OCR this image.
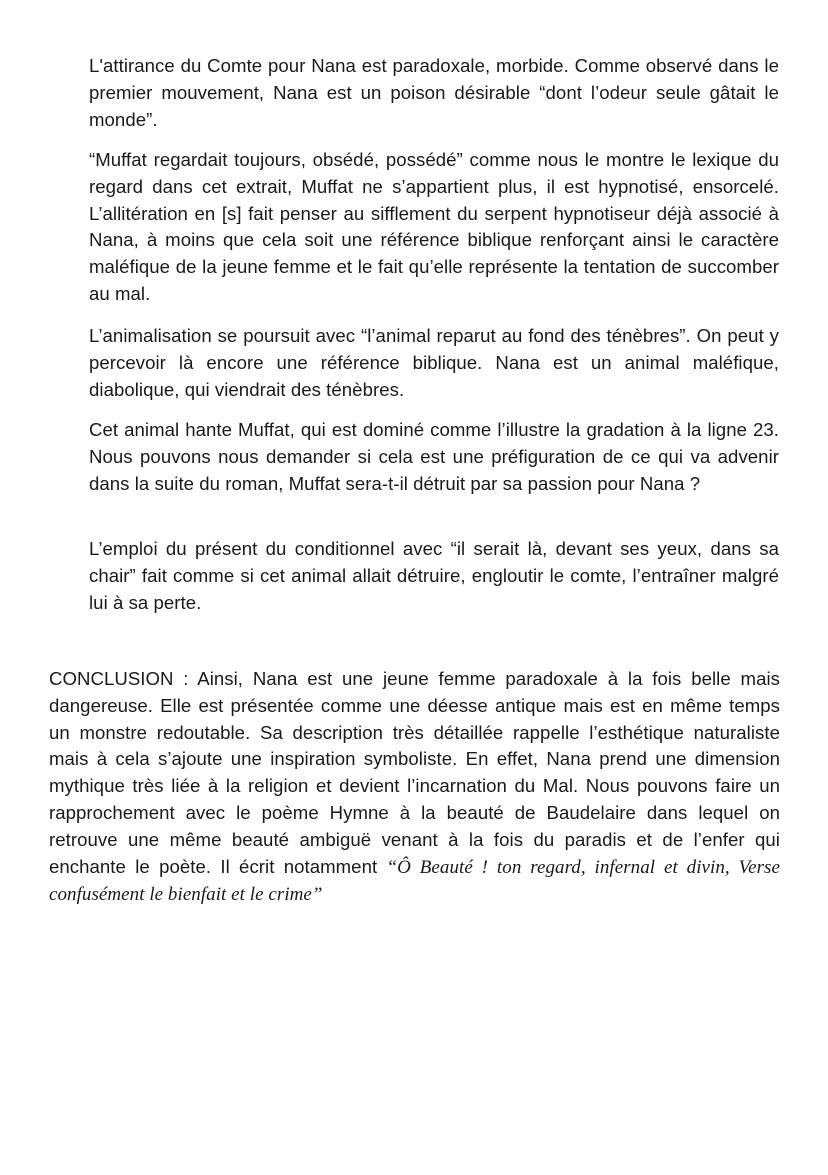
L'attirance du Comte pour Nana est paradoxale, morbide. Comme observé dans le premier mouvement, Nana est un poison désirable “dont l’odeur seule gâtait le monde”.

“Muffat regardait toujours, obsédé, possédé” comme nous le montre le lexique du regard dans cet extrait, Muffat ne s’appartient plus, il est hypnotisé, ensorcelé. L’allitération en [s] fait penser au sifflement du serpent hypnotiseur déjà associé à Nana, à moins que cela soit une référence biblique renforçant ainsi le caractère maléfique de la jeune femme et le fait qu’elle représente la tentation de succomber au mal.

L’animalisation se poursuit avec “l’animal reparut au fond des ténèbres”. On peut y percevoir là encore une référence biblique. Nana est un animal maléfique, diabolique, qui viendrait des ténèbres.

Cet animal hante Muffat, qui est dominé comme l’illustre la gradation à la ligne 23. Nous pouvons nous demander si cela est une préfiguration de ce qui va advenir dans la suite du roman, Muffat sera-t-il détruit par sa passion pour Nana ?

L’emploi du présent du conditionnel avec “il serait là, devant ses yeux, dans sa chair” fait comme si cet animal allait détruire, engloutir le comte, l’entraîner malgré lui à sa perte.

CONCLUSION : Ainsi, Nana est une jeune femme paradoxale à la fois belle mais dangereuse. Elle est présentée comme une déesse antique mais est en même temps un monstre redoutable. Sa description très détaillée rappelle l’esthétique naturaliste mais à cela s’ajoute une inspiration symboliste. En effet, Nana prend une dimension mythique très liée à la religion et devient l’incarnation du Mal. Nous pouvons faire un rapprochement avec le poème Hymne à la beauté de Baudelaire dans lequel on retrouve une même beauté ambiguë venant à la fois du paradis et de l’enfer qui enchante le poète. Il écrit notamment “Ô Beauté ! ton regard, infernal et divin, Verse confusément le bienfait et le crime”
